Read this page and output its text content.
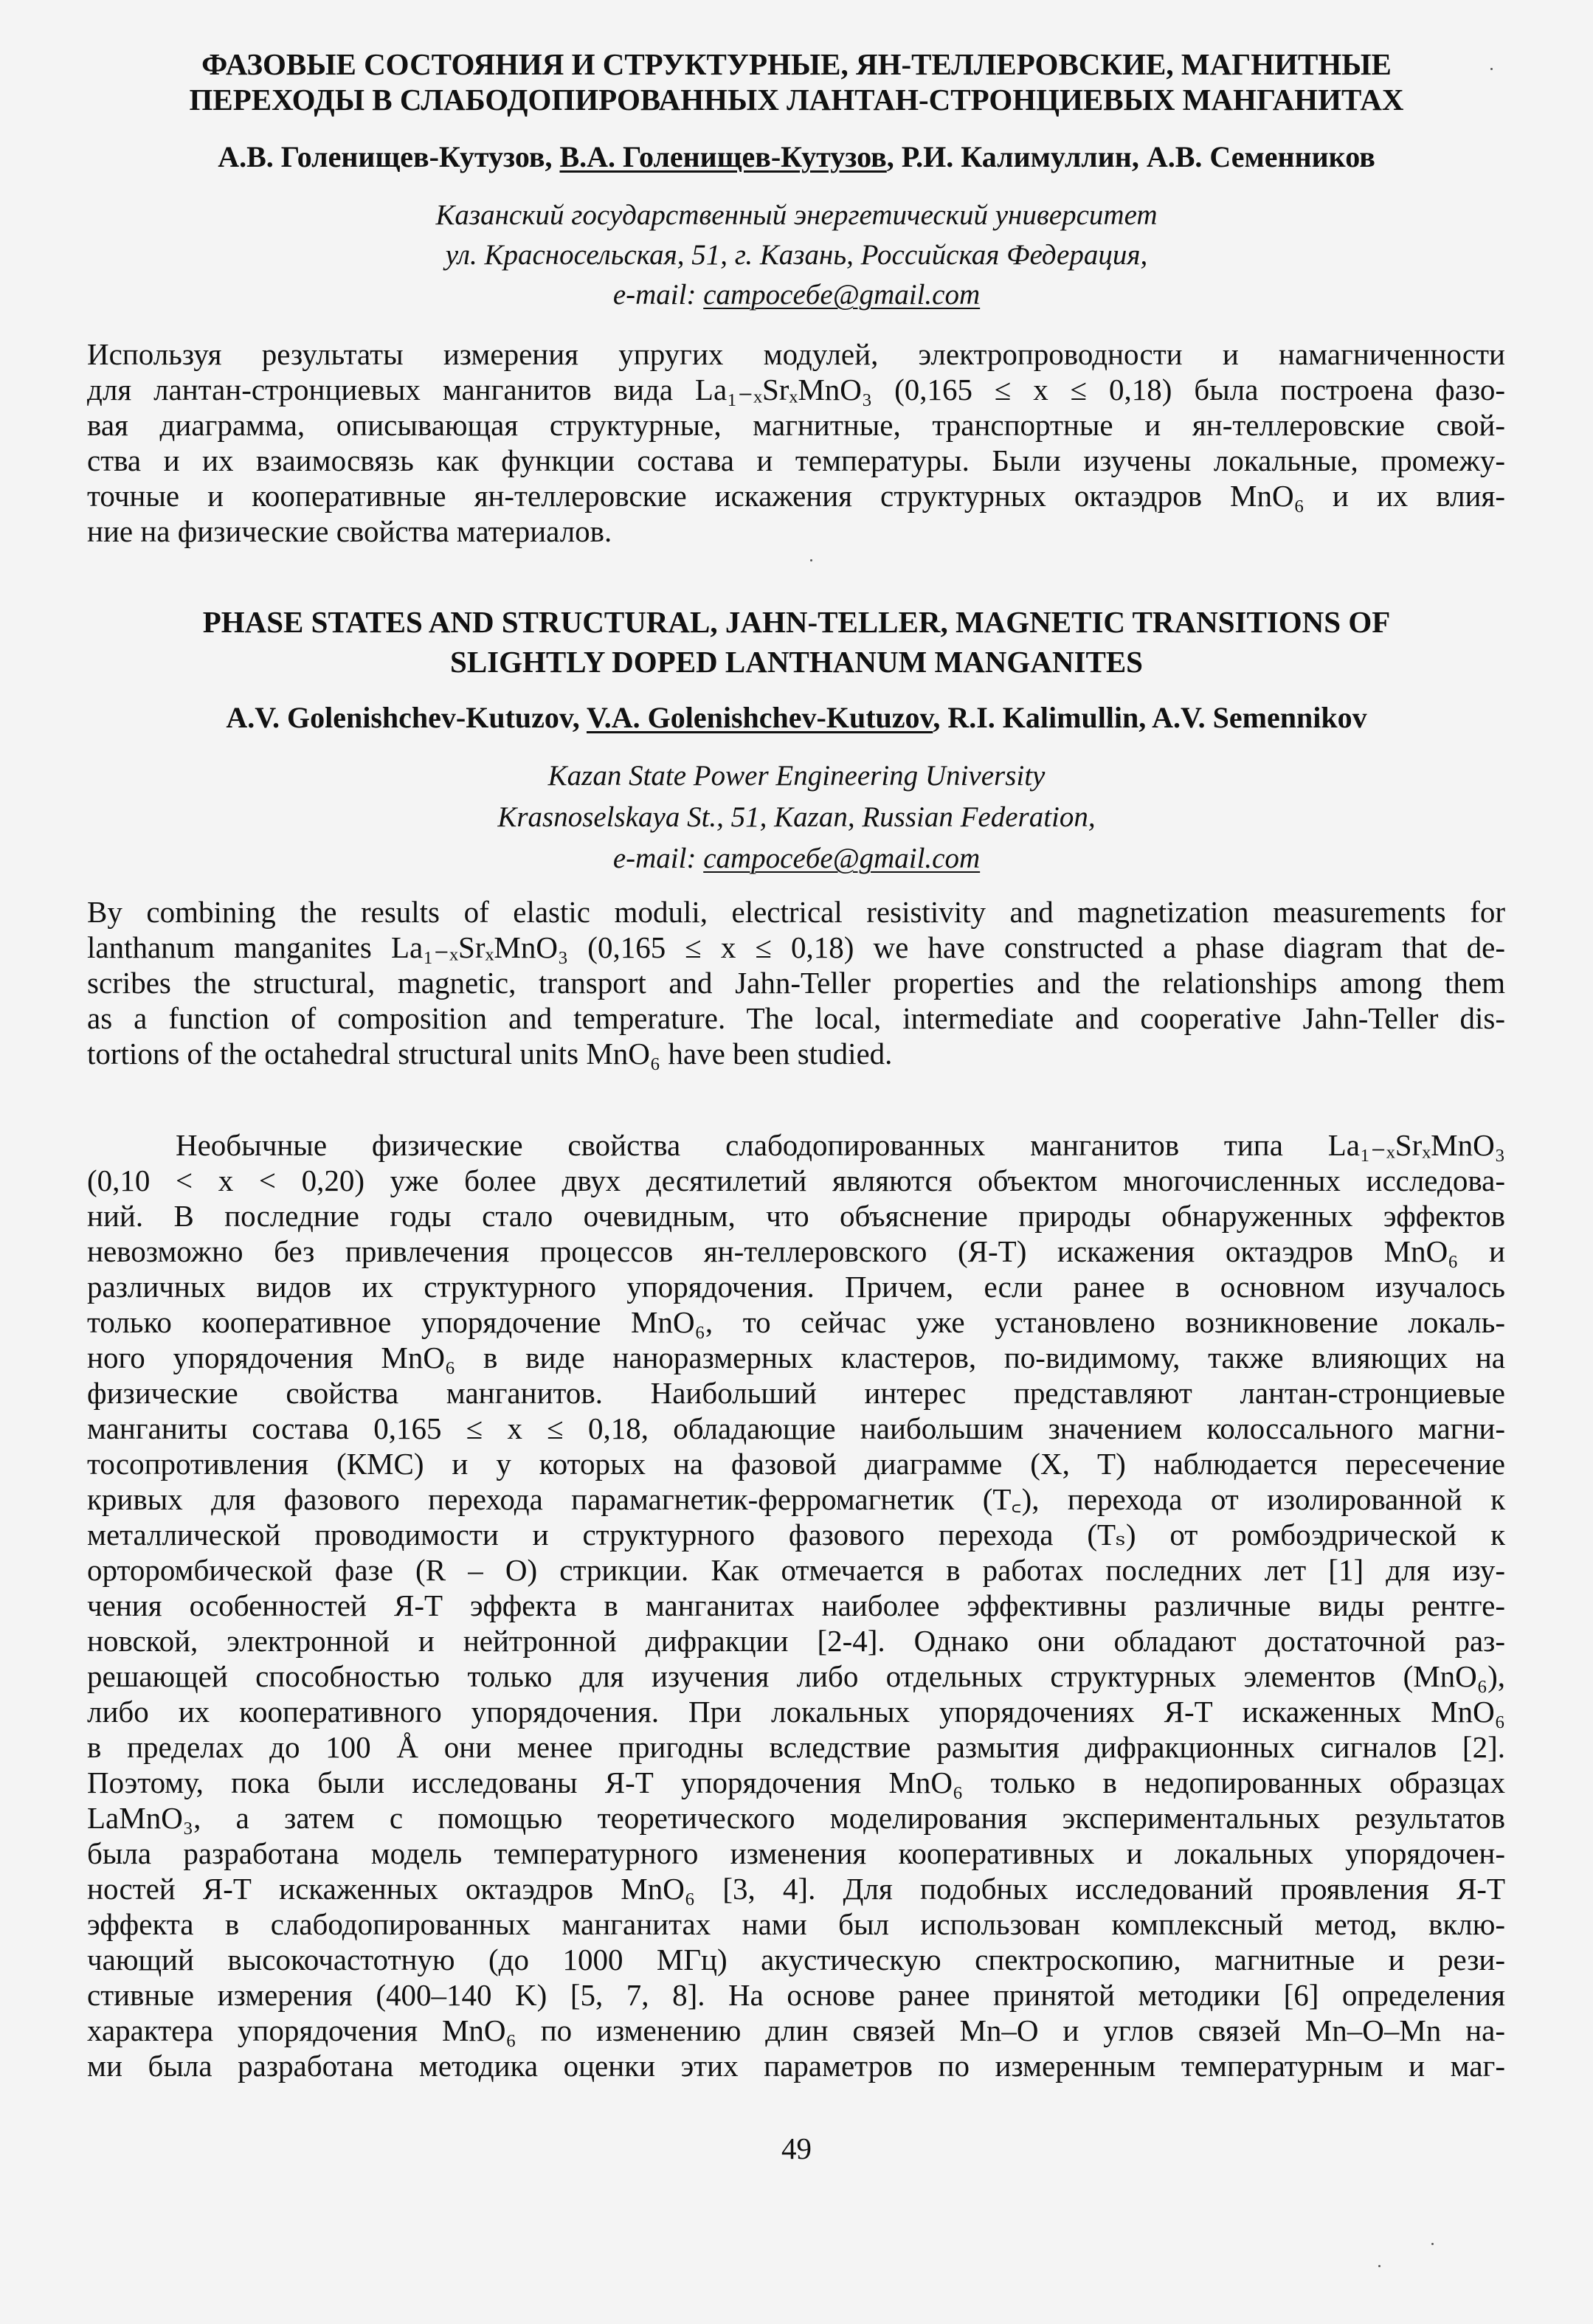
ФАЗОВЫЕ СОСТОЯНИЯ И СТРУКТУРНЫЕ, ЯН-ТЕЛЛЕРОВСКИЕ, МАГНИТНЫЕ
ПЕРЕХОДЫ В СЛАБОДОПИРОВАННЫХ ЛАНТАН-СТРОНЦИЕВЫХ МАНГАНИТАХ
А.В. Голенищев-Кутузов, В.А. Голенищев-Кутузов, Р.И. Калимуллин, А.В. Семенников
Казанский государственный энергетический университет
ул. Красносельская, 51, г. Казань, Российская Федерация,
e-mail: campoceбe@gmail.com
Используя результаты измерения упругих модулей, электропроводности и намагниченности
для лантан-стронциевых манганитов вида La₁₋ₓSrₓMnO₃ (0,165 ≤ x ≤ 0,18) была построена фазо-
вая диаграмма, описывающая структурные, магнитные, транспортные и ян-теллеровские свой-
ства и их взаимосвязь как функции состава и температуры. Были изучены локальные, промежу-
точные и кооперативные ян-теллеровские искажения структурных октаэдров MnO₆ и их влия-
ние на физические свойства материалов.
PHASE STATES AND STRUCTURAL, JAHN-TELLER, MAGNETIC TRANSITIONS OF
SLIGHTLY DOPED LANTHANUM MANGANITES
A.V. Golenishchev-Kutuzov, V.A. Golenishchev-Kutuzov, R.I. Kalimullin, A.V. Semennikov
Kazan State Power Engineering University
Krasnoselskaya St., 51, Kazan, Russian Federation,
e-mail: campoceбe@gmail.com
By combining the results of elastic moduli, electrical resistivity and magnetization measurements for
lanthanum manganites La₁₋ₓSrₓMnO₃ (0,165 ≤ x ≤ 0,18) we have constructed a phase diagram that de-
scribes the structural, magnetic, transport and Jahn-Teller properties and the relationships among them
as a function of composition and temperature. The local, intermediate and cooperative Jahn-Teller dis-
tortions of the octahedral structural units MnO₆ have been studied.
Необычные физические свойства слабодопированных манганитов типа La₁₋ₓSrₓMnO₃
(0,10 < x < 0,20) уже более двух десятилетий являются объектом многочисленных исследова-
ний. В последние годы стало очевидным, что объяснение природы обнаруженных эффектов
невозможно без привлечения процессов ян-теллеровского (Я-Т) искажения октаэдров MnO₆ и
различных видов их структурного упорядочения. Причем, если ранее в основном изучалось
только кооперативное упорядочение MnO₆, то сейчас уже установлено возникновение локаль-
ного упорядочения MnO₆ в виде наноразмерных кластеров, по-видимому, также влияющих на
физические свойства манганитов. Наибольший интерес представляют лантан-стронциевые
манганиты состава 0,165 ≤ x ≤ 0,18, обладающие наибольшим значением колоссального магни-
тосопротивления (КМС) и у которых на фазовой диаграмме (X, T) наблюдается пересечение
кривых для фазового перехода парамагнетик-ферромагнетик (T꜀), перехода от изолированной к
металлической проводимости и структурного фазового перехода (Tₛ) от ромбоэдрической к
орторомбической фазе (R – O) стрикции. Как отмечается в работах последних лет [1] для изу-
чения особенностей Я-Т эффекта в манганитах наиболее эффективны различные виды рентге-
новской, электронной и нейтронной дифракции [2-4]. Однако они обладают достаточной раз-
решающей способностью только для изучения либо отдельных структурных элементов (MnO₆),
либо их кооперативного упорядочения. При локальных упорядочениях Я-Т искаженных MnO₆
в пределах до 100 Å они менее пригодны вследствие размытия дифракционных сигналов [2].
Поэтому, пока были исследованы Я-Т упорядочения MnO₆ только в недопированных образцах
LaMnO₃, а затем с помощью теоретического моделирования экспериментальных результатов
была разработана модель температурного изменения кооперативных и локальных упорядочен-
ностей Я-Т искаженных октаэдров MnO₆ [3, 4]. Для подобных исследований проявления Я-Т
эффекта в слабодопированных манганитах нами был использован комплексный метод, вклю-
чающий высокочастотную (до 1000 МГц) акустическую спектроскопию, магнитные и рези-
стивные измерения (400–140 K) [5, 7, 8]. На основе ранее принятой методики [6] определения
характера упорядочения MnO₆ по изменению длин связей Mn–O и углов связей Mn–O–Mn на-
ми была разработана методика оценки этих параметров по измеренным температурным и маг-
49
